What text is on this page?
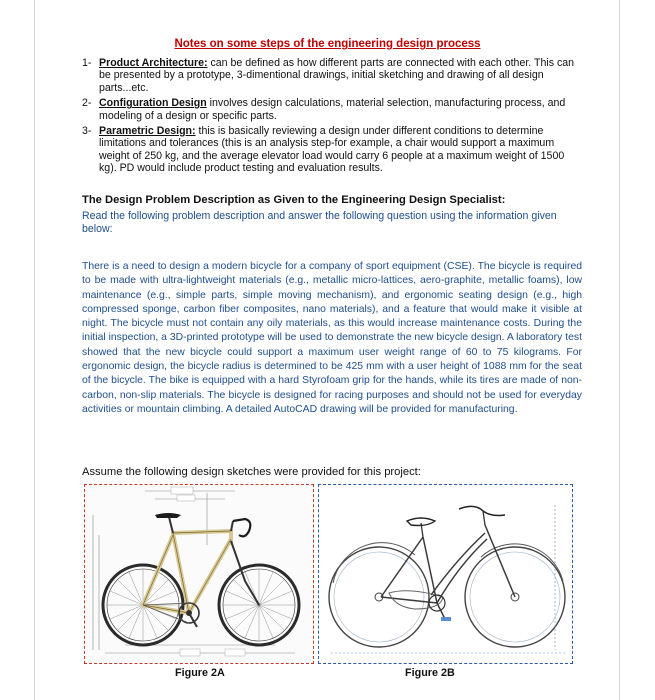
Notes on some steps of the engineering design process
1- Product Architecture: can be defined as how different parts are connected with each other. This can be presented by a prototype, 3-dimentional drawings, initial sketching and drawing of all design parts...etc.
2- Configuration Design involves design calculations, material selection, manufacturing process, and modeling of a design or specific parts.
3- Parametric Design: this is basically reviewing a design under different conditions to determine limitations and tolerances (this is an analysis step-for example, a chair would support a maximum weight of 250 kg, and the average elevator load would carry 6 people at a maximum weight of 1500 kg). PD would include product testing and evaluation results.
The Design Problem Description as Given to the Engineering Design Specialist:
Read the following problem description and answer the following question using the information given below:
There is a need to design a modern bicycle for a company of sport equipment (CSE). The bicycle is required to be made with ultra-lightweight materials (e.g., metallic micro-lattices, aero-graphite, metallic foams), low maintenance (e.g., simple parts, simple moving mechanism), and ergonomic seating design (e.g., high compressed sponge, carbon fiber composites, nano materials), and a feature that would make it visible at night. The bicycle must not contain any oily materials, as this would increase maintenance costs. During the initial inspection, a 3D-printed prototype will be used to demonstrate the new bicycle design. A laboratory test showed that the new bicycle could support a maximum user weight range of 60 to 75 kilograms. For ergonomic design, the bicycle radius is determined to be 425 mm with a user height of 1088 mm for the seat of the bicycle. The bike is equipped with a hard Styrofoam grip for the hands, while its tires are made of non-carbon, non-slip materials. The bicycle is designed for racing purposes and should not be used for everyday activities or mountain climbing. A detailed AutoCAD drawing will be provided for manufacturing.
Assume the following design sketches were provided for this project:
Figure 2A	Figure 2B
